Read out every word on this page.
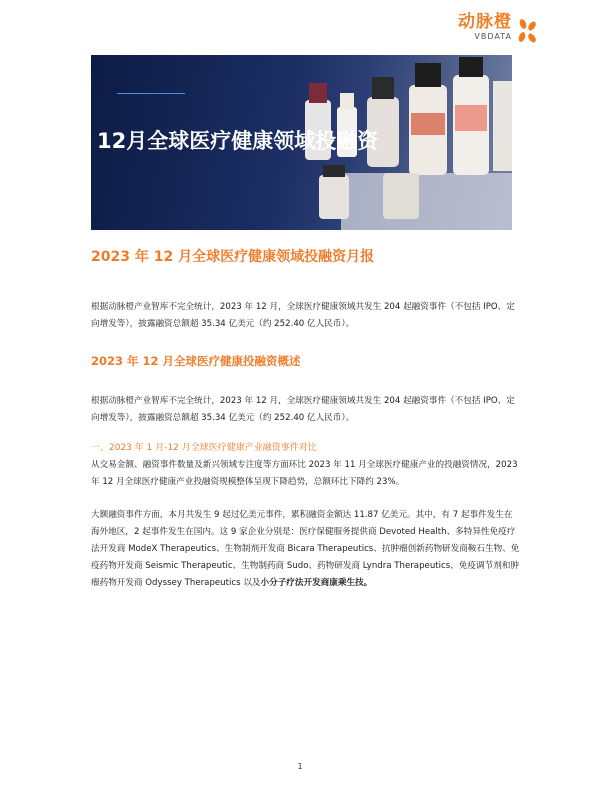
动脉橙
VBDATA
12月全球医疗健康领域投融资
2023 年 12 月全球医疗健康领域投融资月报
根据动脉橙产业智库不完全统计，2023 年 12 月，全球医疗健康领域共发生 204 起融资事件（不包括 IPO、定向增发等），披露融资总额超 35.34 亿美元（约 252.40 亿人民币）。
2023 年 12 月全球医疗健康投融资概述
根据动脉橙产业智库不完全统计，2023 年 12 月，全球医疗健康领域共发生 204 起融资事件（不包括 IPO、定向增发等），披露融资总额超 35.34 亿美元（约 252.40 亿人民币）。
一、2023 年 1 月-12 月全球医疗健康产业融资事件对比
从交易金额、融资事件数量及新兴领域专注度等方面环比 2023 年 11 月全球医疗健康产业的投融资情况，2023 年 12 月全球医疗健康产业投融资规模整体呈现下降趋势，总额环比下降约 23%。
大额融资事件方面，本月共发生 9 起过亿美元事件，累积融资金额达 11.87 亿美元。其中，有 7 起事件发生在海外地区，2 起事件发生在国内。这 9 家企业分别是：医疗保健服务提供商 Devoted Health、多特异性免疫疗法开发商 ModeX Therapeutics、生物制剂开发商 Bicara Therapeutics、抗肿瘤创新药物研发商鞍石生物、免疫药物开发商 Seismic Therapeutic、生物制药商 Sudo、药物研发商 Lyndra Therapeutics、免疫调节剂和肿瘤药物开发商 Odyssey Therapeutics 以及小分子疗法开发商康乘生技。
1
